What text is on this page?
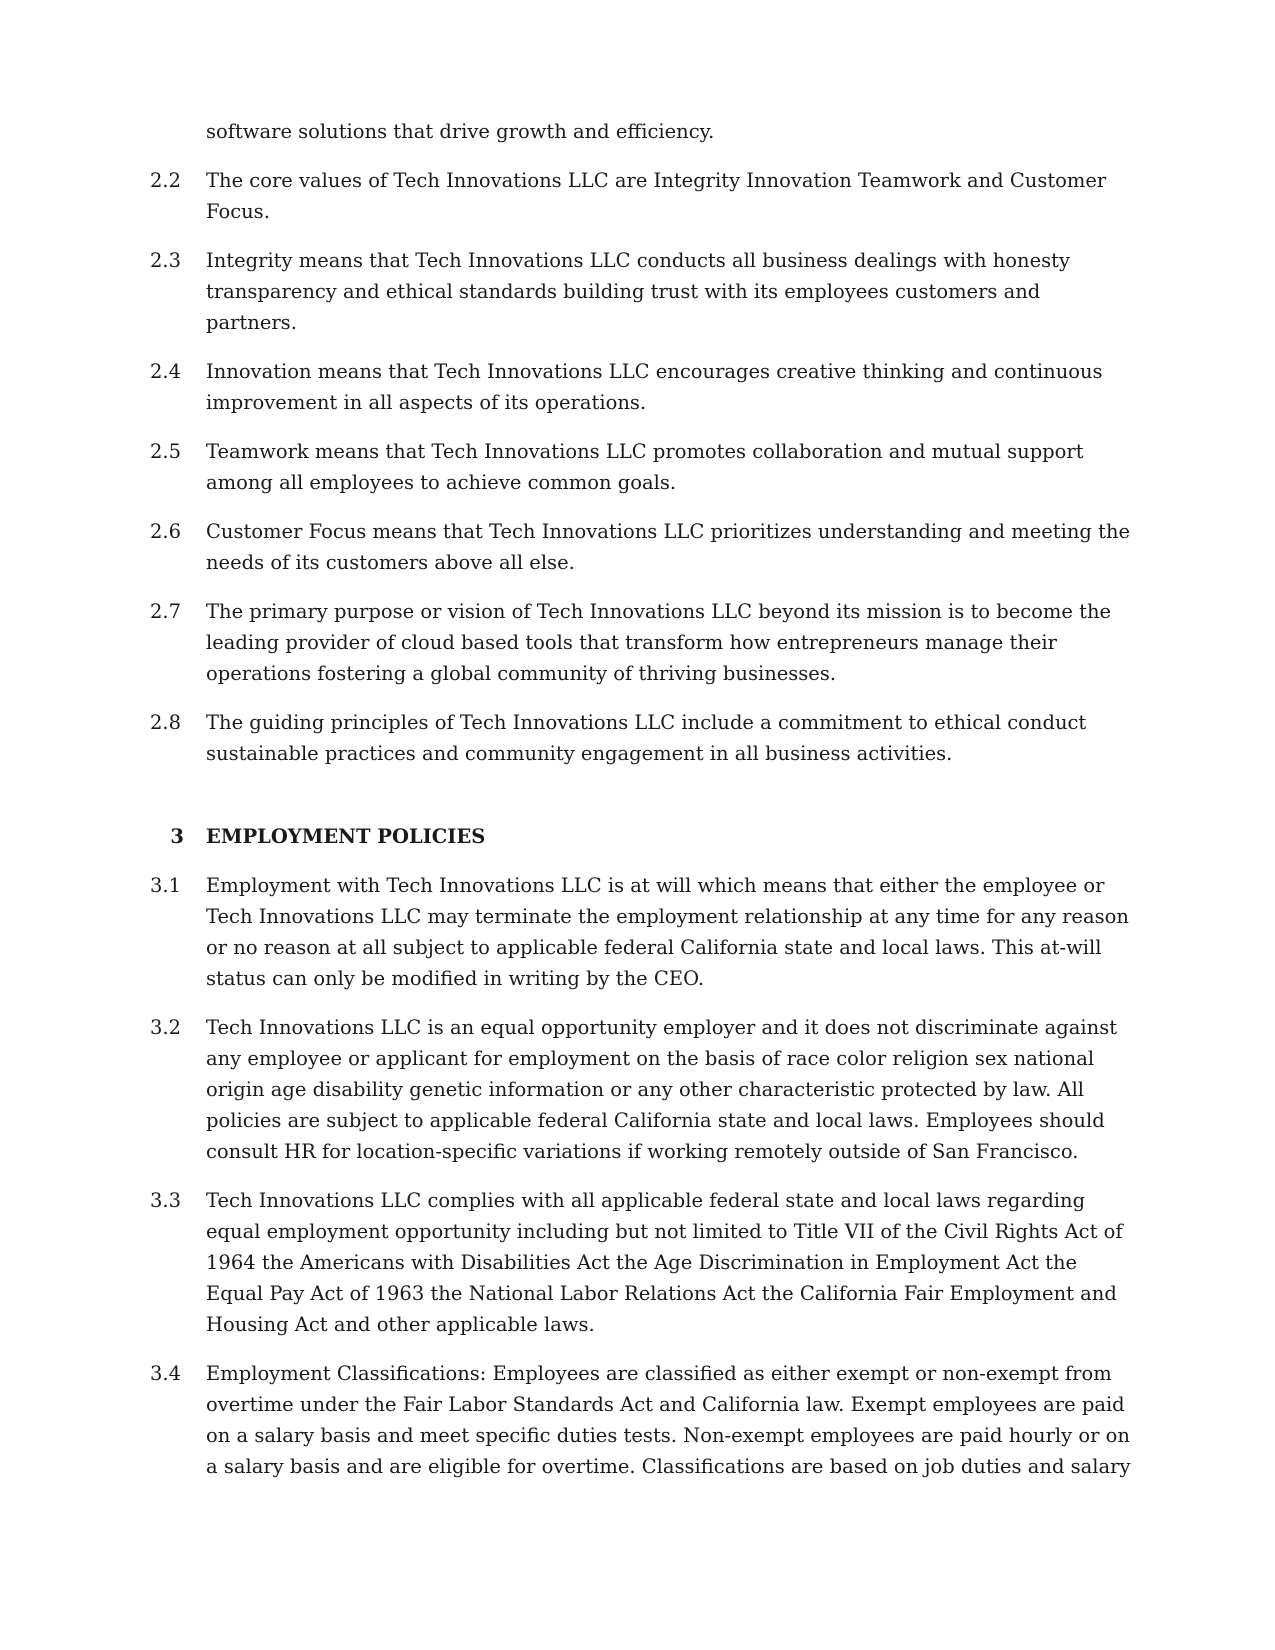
software solutions that drive growth and efficiency.
2.2	The core values of Tech Innovations LLC are Integrity Innovation Teamwork and Customer Focus.
2.3	Integrity means that Tech Innovations LLC conducts all business dealings with honesty transparency and ethical standards building trust with its employees customers and partners.
2.4	Innovation means that Tech Innovations LLC encourages creative thinking and continuous improvement in all aspects of its operations.
2.5	Teamwork means that Tech Innovations LLC promotes collaboration and mutual support among all employees to achieve common goals.
2.6	Customer Focus means that Tech Innovations LLC prioritizes understanding and meeting the needs of its customers above all else.
2.7	The primary purpose or vision of Tech Innovations LLC beyond its mission is to become the leading provider of cloud based tools that transform how entrepreneurs manage their operations fostering a global community of thriving businesses.
2.8	The guiding principles of Tech Innovations LLC include a commitment to ethical conduct sustainable practices and community engagement in all business activities.
3	EMPLOYMENT POLICIES
3.1	Employment with Tech Innovations LLC is at will which means that either the employee or Tech Innovations LLC may terminate the employment relationship at any time for any reason or no reason at all subject to applicable federal California state and local laws. This at-will status can only be modified in writing by the CEO.
3.2	Tech Innovations LLC is an equal opportunity employer and it does not discriminate against any employee or applicant for employment on the basis of race color religion sex national origin age disability genetic information or any other characteristic protected by law. All policies are subject to applicable federal California state and local laws. Employees should consult HR for location-specific variations if working remotely outside of San Francisco.
3.3	Tech Innovations LLC complies with all applicable federal state and local laws regarding equal employment opportunity including but not limited to Title VII of the Civil Rights Act of 1964 the Americans with Disabilities Act the Age Discrimination in Employment Act the Equal Pay Act of 1963 the National Labor Relations Act the California Fair Employment and Housing Act and other applicable laws.
3.4	Employment Classifications: Employees are classified as either exempt or non-exempt from overtime under the Fair Labor Standards Act and California law. Exempt employees are paid on a salary basis and meet specific duties tests. Non-exempt employees are paid hourly or on a salary basis and are eligible for overtime. Classifications are based on job duties and salary
